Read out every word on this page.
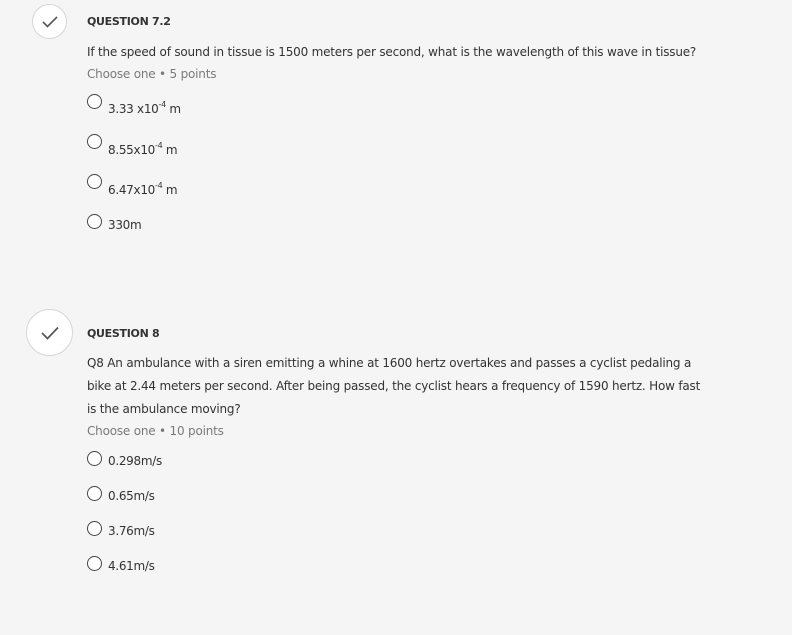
QUESTION 7.2
If the speed of sound in tissue is 1500 meters per second, what is the wavelength of this wave in tissue?
Choose one • 5 points
3.33 $x10^{-4}$ m
$8.55x10^{-4}$ m
$6.47x10^{-4}$ m
330m
QUESTION 8
Q8 An ambulance with a siren emitting a whine at 1600 hertz overtakes and passes a cyclist pedaling a
bike at 2.44 meters per second. After being passed, the cyclist hears a frequency of 1590 hertz. How fast
is the ambulance moving?
Choose one • 10 points
0.298m/s
0.65m/s
3.76m/s
4.61m/s
